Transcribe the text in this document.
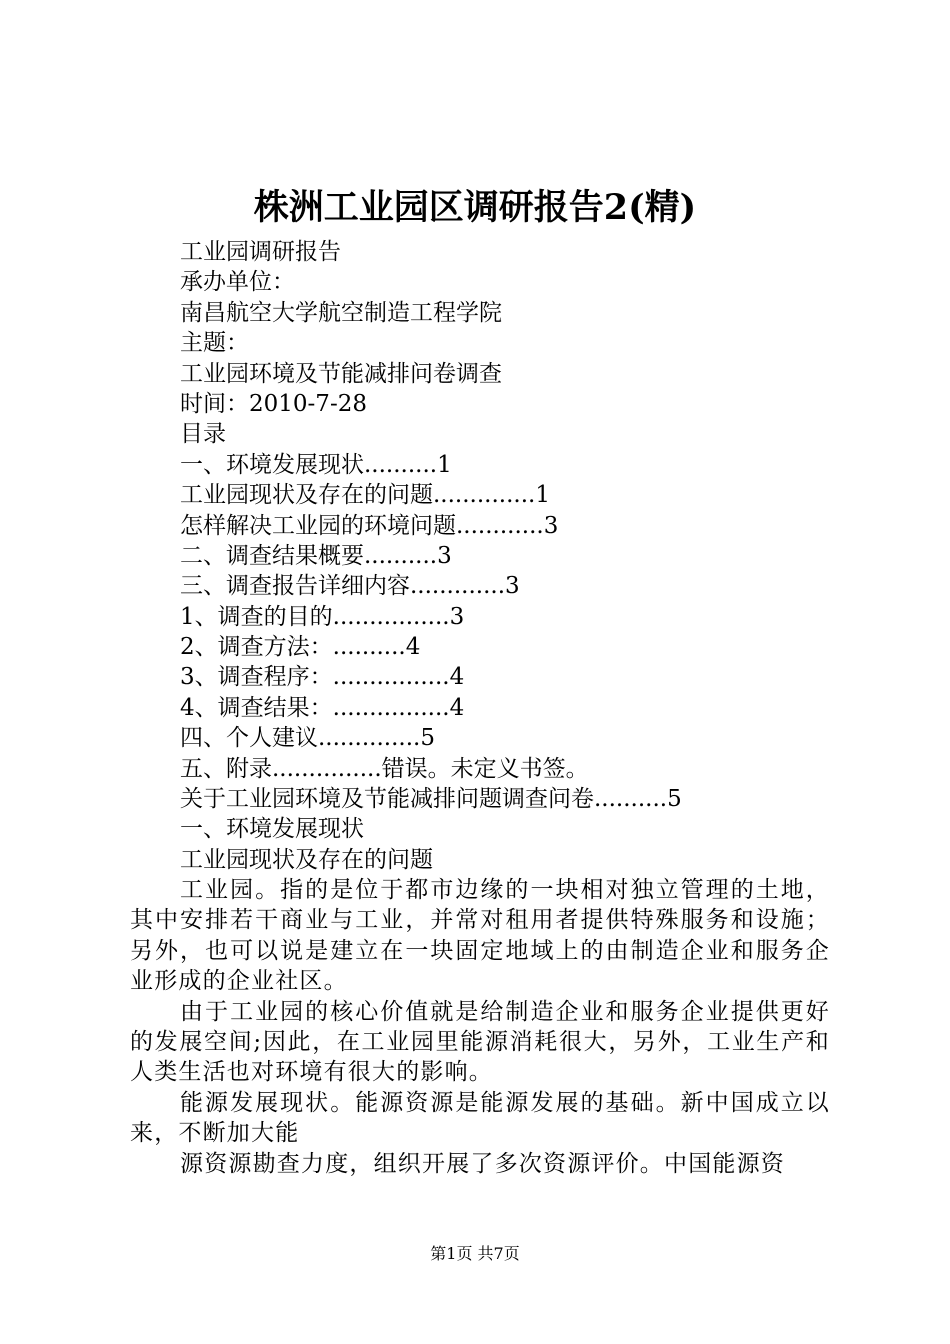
株洲工业园区调研报告2(精)
工业园调研报告
承办单位：
南昌航空大学航空制造工程学院
主题：
工业园环境及节能减排问卷调查
时间：2010-7-28
目录
一、环境发展现状..........1
工业园现状及存在的问题..............1
怎样解决工业园的环境问题............3
二、调查结果概要..........3
三、调查报告详细内容.............3
1、调查的目的................3
2、调查方法：..........4
3、调查程序：................4
4、调查结果：................4
四、个人建议..............5
五、附录...............错误。未定义书签。
关于工业园环境及节能减排问题调查问卷..........5
一、环境发展现状
工业园现状及存在的问题

工业园。指的是位于都市边缘的一块相对独立管理的土地，其中安排若干商业与工业，并常对租用者提供特殊服务和设施；另外，也可以说是建立在一块固定地域上的由制造企业和服务企业形成的企业社区。

由于工业园的核心价值就是给制造企业和服务企业提供更好的发展空间;因此，在工业园里能源消耗很大，另外，工业生产和人类生活也对环境有很大的影响。

能源发展现状。能源资源是能源发展的基础。新中国成立以来，不断加大能

源资源勘查力度，组织开展了多次资源评价。中国能源资

第1页 共7页
